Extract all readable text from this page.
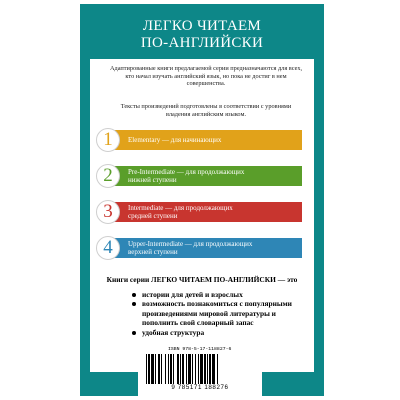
ЛЕГКО ЧИТАЕМ
ПО-АНГЛИЙСКИ

Адаптированные книги предлагаемой серии предназначаются для всех, кто начал изучать английский язык, но пока не достиг в нем совершенства.

Тексты произведений подготовлены в соответствии с уровнями владения английским языком.

1	Elementary — для начинающих
2	Pre-Intermediate — для продолжающих
нижней ступени
3	Intermediate — для продолжающих
средней ступени
4	Upper-Intermediate — для продолжающих
верхней ступени
Книги серии ЛЕГКО ЧИТАЕМ ПО-АНГЛИЙСКИ — это
истории для детей и взрослых
возможность познакомиться с популярными произведениями мировой литературы и пополнить свой словарный запас
удобная структура
ISBN 978-5-17-118827-6
9 785171 188276
